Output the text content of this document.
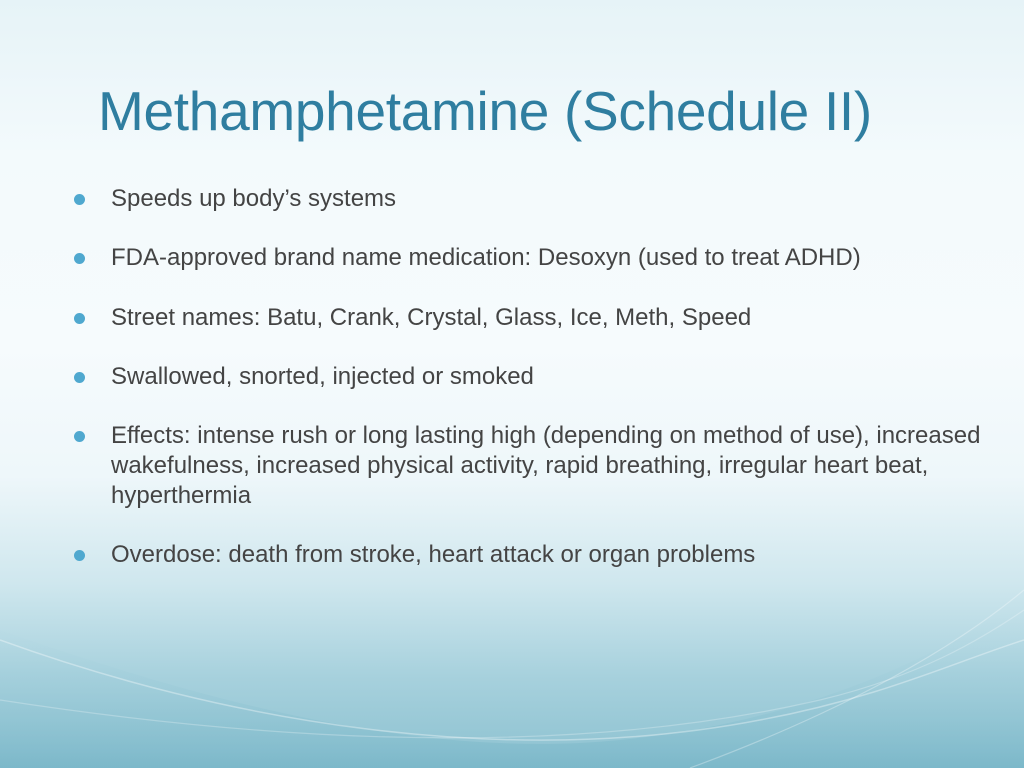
Methamphetamine (Schedule II)
Speeds up body’s systems
FDA-approved brand name medication: Desoxyn (used to treat ADHD)
Street names: Batu, Crank, Crystal, Glass, Ice, Meth, Speed
Swallowed, snorted, injected or smoked
Effects: intense rush or long lasting high (depending on method of use), increased wakefulness, increased physical activity, rapid breathing, irregular heart beat, hyperthermia
Overdose: death from stroke, heart attack or organ problems
